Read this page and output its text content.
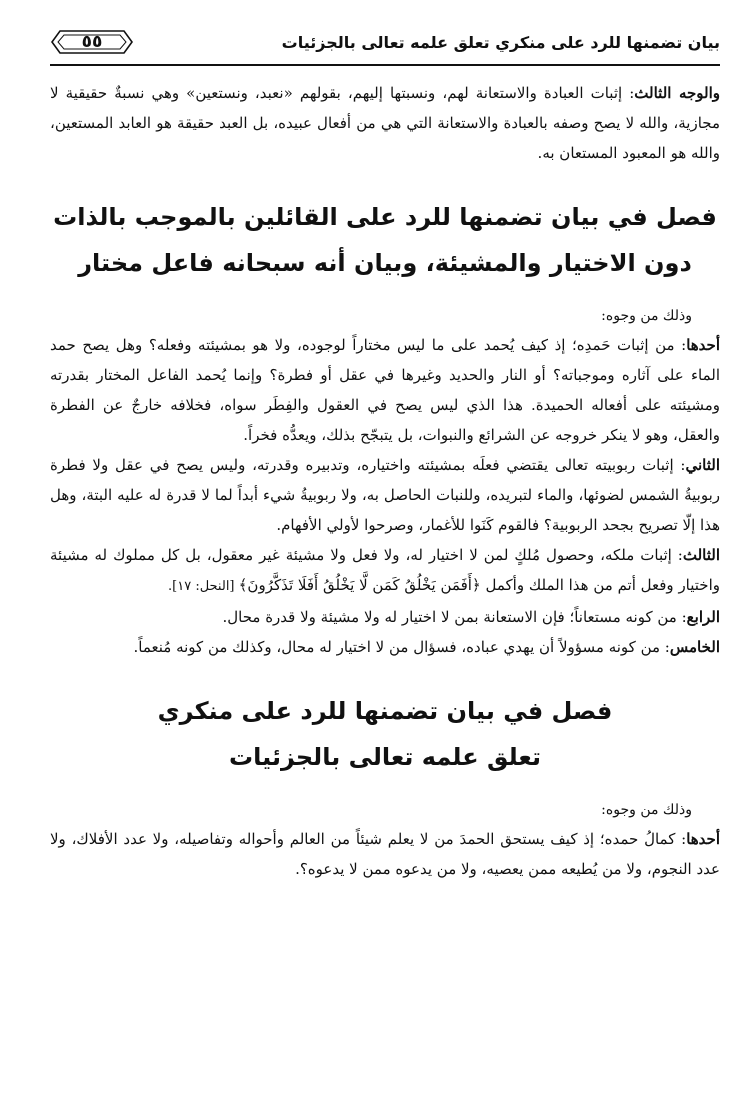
بيان تضمنها للرد على منكري تعلق علمه تعالى بالجزئيات
٥٥

والوجه الثالث: إثبات العبادة والاستعانة لهم، ونسبتها إليهم، بقولهم «نعبد، ونستعين» وهي نسبةٌ حقيقية لا مجازية، والله لا يصح وصفه بالعبادة والاستعانة التي هي من أفعال عبيده، بل العبد حقيقة هو العابد المستعين، والله هو المعبود المستعان به.

فصل في بيان تضمنها للرد على القائلين بالموجب بالذات
دون الاختيار والمشيئة، وبيان أنه سبحانه فاعل مختار

وذلك من وجوه:

أحدها: من إثبات حَمدِه؛ إذ كيف يُحمد على ما ليس مختاراً لوجوده، ولا هو بمشيئته وفعله؟ وهل يصح حمد الماء على آثاره وموجباته؟ أو النار والحديد وغيرها في عقل أو فطرة؟ وإنما يُحمد الفاعل المختار بقدرته ومشيئته على أفعاله الحميدة. هذا الذي ليس يصح في العقول والفِطَر سواه، فخلافه خارجٌ عن الفطرة والعقل، وهو لا ينكر خروجه عن الشرائع والنبوات، بل يتبجّح بذلك، ويعدُّه فخراً.

الثاني: إثبات ربوبيته تعالى يقتضي فعلَه بمشيئته واختياره، وتدبيره وقدرته، وليس يصح في عقل ولا فطرة ربوبيةُ الشمس لضوئها، والماء لتبريده، وللنبات الحاصل به، ولا ربوبيةُ شيء أبداً لما لا قدرة له عليه البتة، وهل هذا إلّا تصريح بجحد الربوبية؟ فالقوم كَنَوا للأغمار، وصرحوا لأولي الأفهام.

الثالث: إثبات ملكه، وحصول مُلكٍ لمن لا اختيار له، ولا فعل ولا مشيئة غير معقول، بل كل مملوك له مشيئة واختيار وفعل أتم من هذا الملك وأكمل ﴿أَفَمَن يَخْلُقُ كَمَن لَّا يَخْلُقُ أَفَلَا تَذَكَّرُونَ﴾ [النحل: ١٧].

الرابع: من كونه مستعاناً؛ فإن الاستعانة بمن لا اختيار له ولا مشيئة ولا قدرة محال.

الخامس: من كونه مسؤولاً أن يهدي عباده، فسؤال من لا اختيار له محال، وكذلك من كونه مُنعماً.

فصل في بيان تضمنها للرد على منكري
تعلق علمه تعالى بالجزئيات

وذلك من وجوه:

أحدها: كمالُ حمده؛ إذ كيف يستحق الحمدَ من لا يعلم شيئاً من العالم وأحواله وتفاصيله، ولا عدد الأفلاك، ولا عدد النجوم، ولا من يُطيعه ممن يعصيه، ولا من يدعوه ممن لا يدعوه؟.
